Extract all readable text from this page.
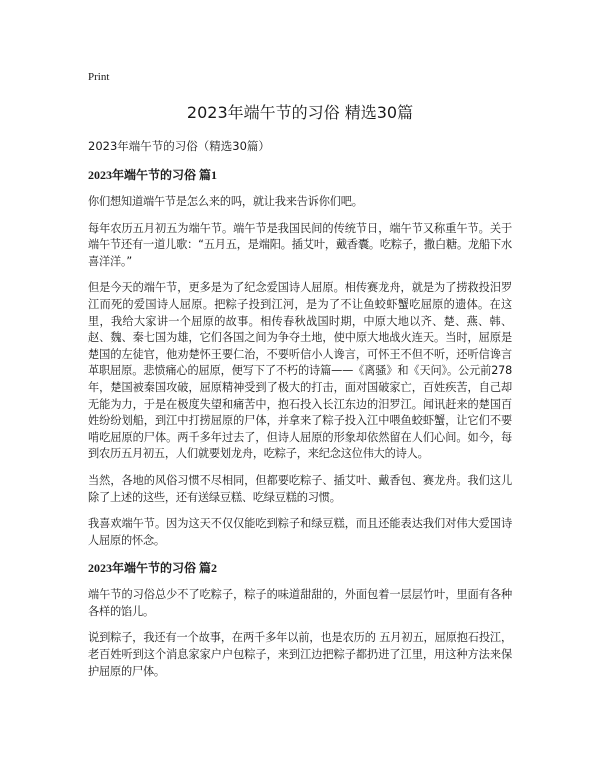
Print
2023年端午节的习俗 精选30篇
2023年端午节的习俗（精选30篇）
2023年端午节的习俗 篇1

你们想知道端午节是怎么来的吗，就让我来告诉你们吧。

每年农历五月初五为端午节。端午节是我国民间的传统节日，端午节又称重午节。关于端午节还有一道儿歌：“五月五，是端阳。插艾叶，戴香囊。吃粽子，撒白糖。龙船下水喜洋洋。”

但是今天的端午节，更多是为了纪念爱国诗人屈原。相传赛龙舟，就是为了捞救投汨罗江而死的爱国诗人屈原。把粽子投到江河，是为了不让鱼蛟虾蟹吃屈原的遗体。在这里，我给大家讲一个屈原的故事。相传春秋战国时期，中原大地以齐、楚、燕、韩、赵、魏、秦七国为雄，它们各国之间为争夺土地，使中原大地战火连天。当时，屈原是楚国的左徒官，他劝楚怀王要仁治，不要听信小人谗言，可怀王不但不听，还听信谗言革职屈原。悲愤痛心的屈原，便写下了不朽的诗篇——《离骚》和《天问》。公元前278年，楚国被秦国攻破，屈原精神受到了极大的打击，面对国破家亡，百姓疾苦，自己却无能为力，于是在极度失望和痛苦中，抱石投入长江东边的汨罗江。闻讯赶来的楚国百姓纷纷划船，到江中打捞屈原的尸体，并拿来了粽子投入江中喂鱼蛟虾蟹，让它们不要啃吃屈原的尸体。两千多年过去了，但诗人屈原的形象却依然留在人们心间。如今，每到农历五月初五，人们就要划龙舟，吃粽子，来纪念这位伟大的诗人。

当然，各地的风俗习惯不尽相同，但都要吃粽子、插艾叶、戴香包、赛龙舟。我们这儿除了上述的这些，还有送绿豆糕、吃绿豆糕的习惯。

我喜欢端午节。因为这天不仅仅能吃到粽子和绿豆糕，而且还能表达我们对伟大爱国诗人屈原的怀念。

2023年端午节的习俗 篇2

端午节的习俗总少不了吃粽子，粽子的味道甜甜的，外面包着一层层竹叶，里面有各种各样的馅儿。

说到粽子，我还有一个故事，在两千多年以前，也是农历的 五月初五，屈原抱石投江，老百姓听到这个消息家家户户包粽子，来到江边把粽子都扔进了江里，用这种方法来保护屈原的尸体。
